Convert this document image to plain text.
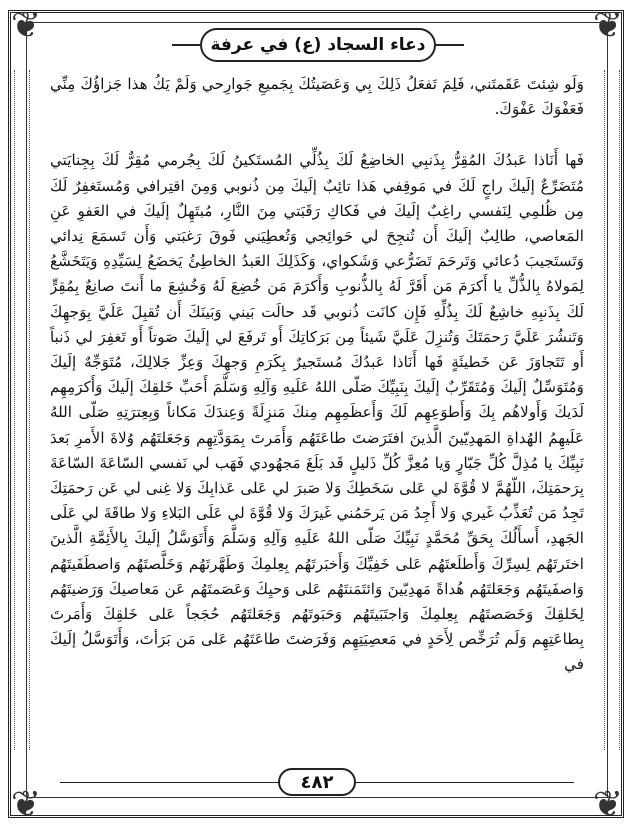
❦	❦
❦	❦
دعاء السجاد (ع) في عرفة

وَلَو شِئتَ عَقَمتَني، فَلِمَ تَفعَلُ ذَلِكَ بِي وَعَصَيتُكَ بِجَميعِ جَوارِحي وَلَمْ يَكُ هذا جَزاؤُكَ مِنِّي فَعَفْوَكَ عَفْوَكَ.

فَها أَنَاذا عَبدُكَ المُقِرُّ بِذَنبِي الخاضِعُ لَكَ بِذُلِّي المُستَكينُ لَكَ بِجُرمي مُقِرٌّ لَكَ بِجِنايَتي مُتَضَرِّعٌ إلَيكَ راجٍ لَكَ في مَوقِفي هَذا تائِبٌ إلَيكَ مِن ذُنوبي وَمِنَ اقتِرافي وَمُستَغفِرٌ لَكَ مِن ظُلمِي لِنَفسي راغِبٌ إلَيكَ في فَكاكِ رَقَبَتي مِنَ النَّارِ، مُبتَهِلٌ إلَيكَ في العَفوِ عَنِ المَعاصي، طالِبٌ إلَيكَ أَن تُنجِحَ لي حَوائِجي وَتُعطِيَني فَوقَ رَغبَتي وَأَن تَسمَعَ نِدائي وَتَستَجيبَ دُعائي وَتَرحَمَ تَضَرُّعي وَشَكواي، وَكَذَلِكَ العَبدُ الخاطِئُ يَخضَعُ لِسَيِّدِهِ وَيَتَخَشَّعُ لِمَولاهُ بِالذُّلِّ يا أَكرَمَ مَن أَقَرَّ لَهُ بِالذُّنوبِ وَأَكرَمَ مَن خُضِعَ لَهُ وَخُشِعَ ما أَنتَ صانِعٌ بِمُقِرٍّ لَكَ بِذَنبِهِ خاشِعٌ لَكَ بِذُلِّهِ فَإِن كانَت ذُنوبي قَد حالَت بَيني وَبَينَكَ أَن تُقبِلَ عَلَيَّ بِوَجهِكَ وَتَنشُرَ عَلَيَّ رَحمَتَكَ وَتُنزِلَ عَلَيَّ شَيئاً مِن بَرَكاتِكَ أَو تَرفَعَ لي إلَيكَ صَوتاً أَو تَغفِرَ لي ذَنباً أَو تَتَجاوَزَ عَن خَطيئَةٍ فَها أَنَاذا عَبدُكَ مُستَجيرٌ بِكَرَمِ وَجهِكَ وَعِزِّ جَلالِكَ، مُتَوَجِّهٌ إلَيكَ وَمُتَوَسِّلٌ إلَيكَ وَمُتَقَرِّبٌ إلَيكَ بِنَبِيِّكَ صَلّى اللهُ عَلَيهِ وَآلِهِ وَسَلَّمَ أَحَبِّ خَلقِكَ إلَيكَ وَأَكرَمِهِم لَدَيكَ وَأَولاهُم بِكَ وَأَطوَعِهِم لَكَ وَأَعظَمِهِم مِنكَ مَنزِلَةً وَعِندَكَ مَكاناً وَبِعِترَتِهِ صَلّى اللهُ عَلَيهِمُ الهُداةِ المَهدِيّينَ الَّذينَ افتَرَضتَ طاعَتَهُم وَأَمَرتَ بِمَوَدَّتِهِم وَجَعَلتَهُم وُلاةَ الأَمرِ بَعدَ نَبِيِّكَ يا مُذِلَّ كُلِّ جَبّارٍ وَيا مُعِزَّ كُلِّ ذَليلٍ قَد بَلَغَ مَجهُودي فَهَب لي نَفسي السّاعَةَ السّاعَةَ بِرَحمَتِكَ، اللّهُمَّ لا قُوَّةَ لي عَلى سَخَطِكَ وَلا صَبرَ لي عَلى عَذابِكَ وَلا غِنى لي عَن رَحمَتِكَ تَجِدُ مَن تُعَذِّبُ غَيري وَلا أَجِدُ مَن يَرحَمُني غَيرَكَ وَلا قُوَّةَ لي عَلَى البَلاءِ وَلا طاقَةَ لي عَلَى الجَهدِ، أَسأَلُكَ بِحَقِّ مُحَمَّدٍ نَبِيِّكَ صَلّى اللهُ عَلَيهِ وَآلِهِ وَسَلَّمَ وَأَتَوَسَّلُ إلَيكَ بِالأَئِمَّةِ الَّذينَ اختَرتَهُم لِسِرِّكَ وَأَطلَعتَهُم عَلى خَفِيِّكَ وَأَخبَرتَهُم بِعِلمِكَ وَطَهَّرتَهُم وَخَلَّصتَهُم وَاصطَفَيتَهُم وَاصفَيتَهُم وَجَعَلتَهُم هُداةً مَهدِيّينَ وَائتَمَنتَهُم عَلى وَحيِكَ وَعَصَمتَهُم عَن مَعاصيكَ وَرَضيتَهُم لِخَلقِكَ وَخَصَصتَهُم بِعِلمِكَ وَاجتَبَيتَهُم وَحَبَوتَهُم وَجَعَلتَهُم حُجَجاً عَلى خَلقِكَ وَأَمَرتَ بِطاعَتِهِم وَلَم تُرَخِّص لِأَحَدٍ في مَعصِيَتِهِم وَفَرَضتَ طاعَتَهُم عَلى مَن بَرَأتَ، وَأَتَوَسَّلُ إلَيكَ في

٤٨٢
